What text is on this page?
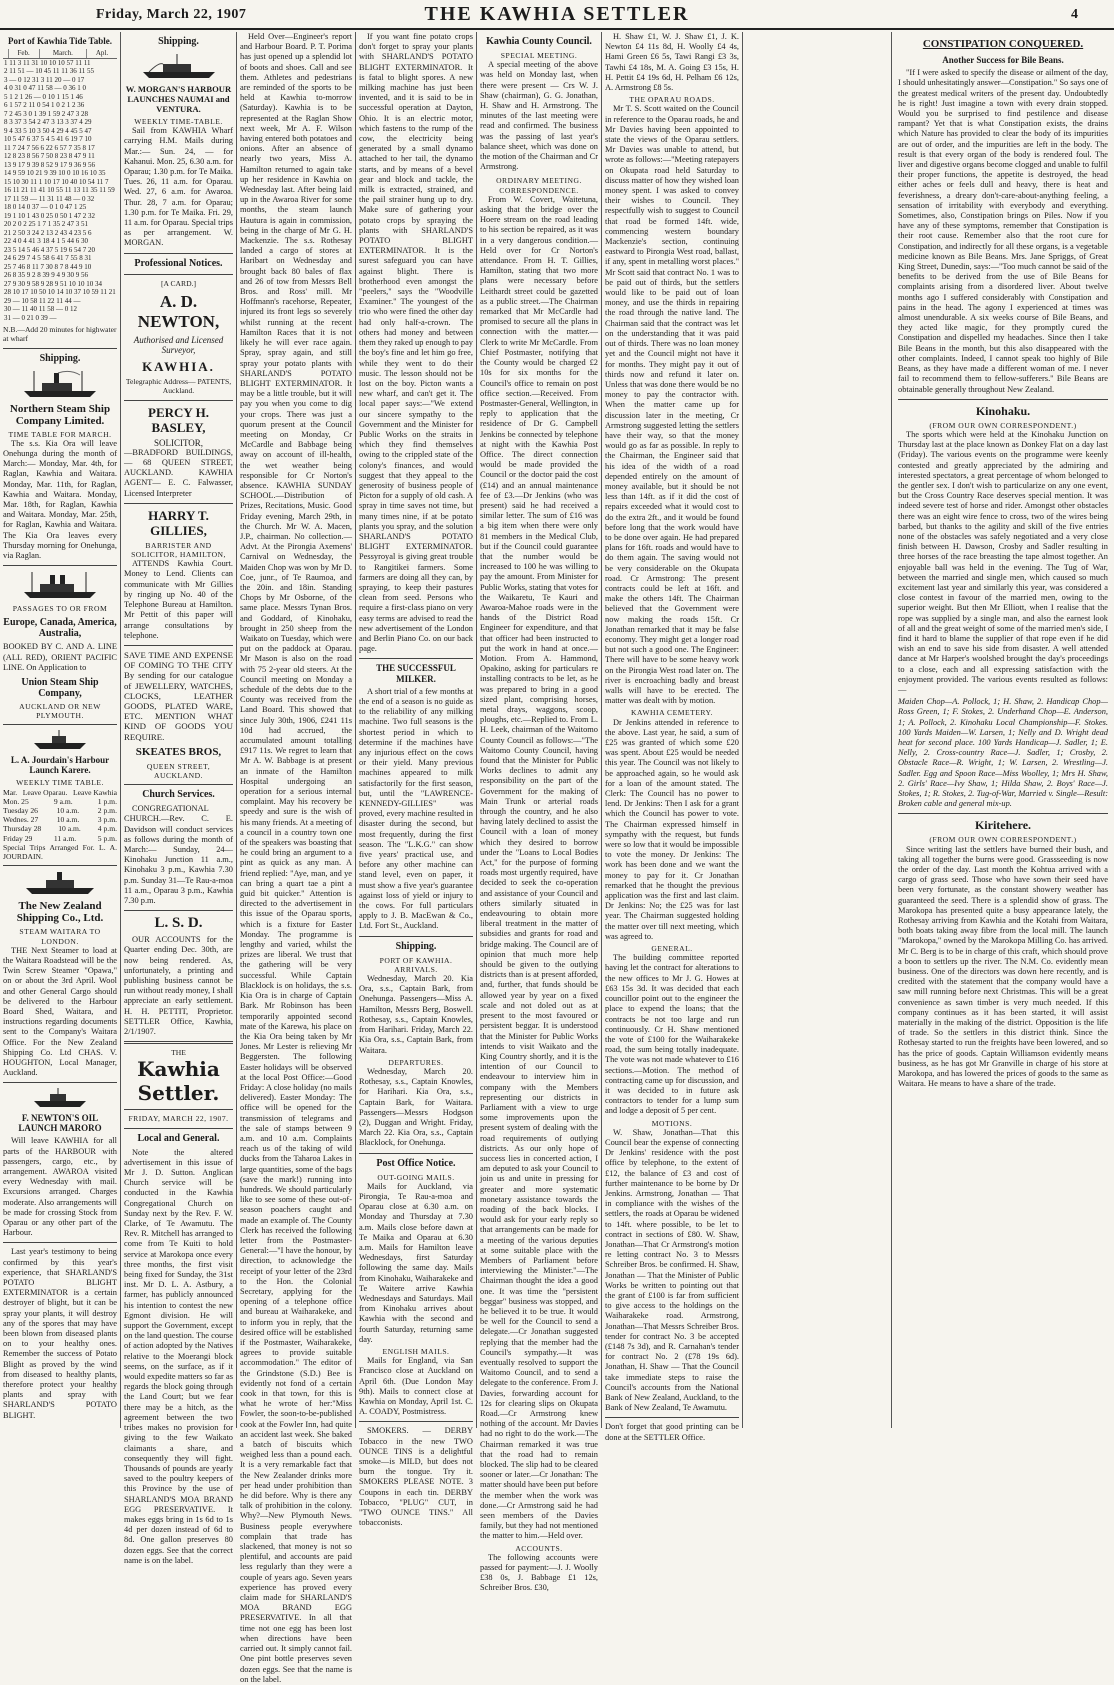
Friday, March 22, 1907	THE KAWHIA SETTLER	4
Port of Kawhia Tide Table.
	Feb.	March.	Apl.
1 11 3 11 31 10 10 10 57 11 11
2 11 51 — 10 45 11 11 36 11 55
3 — 0 12 31 3 11 20 — 0 17
4 0 31 0 47 11 58 — 0 36 1 0
5 1 2 1 26 — 0 10 1 15 1 46
6 1 57 2 11 0 54 1 0 2 1 2 36
7 2 45 3 0 1 39 1 59 2 47 3 28
8 3 37 3 54 2 47 3 13 3 37 4 29
9 4 33 5 10 3 50 4 29 4 45 5 47
10 5 47 6 37 5 4 5 41 6 19 7 10
11 7 24 7 56 6 22 6 57 7 35 8 17
12 8 23 8 56 7 50 8 23 8 47 9 11
13 9 17 9 39 8 52 9 17 9 36 9 56
14 9 59 10 21 9 39 10 0 10 16 10 35
15 10 30 11 1 10 17 10 40 10 54 11 7
16 11 21 11 41 10 55 11 13 11 35 11 59
17 11 59 — 11 31 11 48 — 0 32
18 0 14 0 37 — 0 1 0 47 1 25
19 1 10 1 43 0 25 0 50 1 47 2 32
20 2 0 2 25 1 7 1 35 2 47 3 51
21 2 50 3 24 2 13 2 43 4 23 5 6
22 4 0 4 41 3 18 4 1 5 44 6 30
23 5 14 5 46 4 37 5 19 6 54 7 20
24 6 29 7 4 5 58 6 41 7 55 8 31
25 7 46 8 11 7 30 8 7 8 44 9 10
26 8 35 9 2 8 39 9 4 9 30 9 56
27 9 30 9 58 9 28 9 51 10 10 10 34
28 10 17 10 50 10 14 10 37 10 59 11 21
29 — 10 58 11 22 11 44 —
30 — 11 40 11 58 — 0 12
31 — 0 21 0 39 —
N.B.—Add 20 minutes for highwater at wharf
Shipping.
Northern Steam Ship Company Limited.
TIME TABLE FOR MARCH.

The s.s. Kia Ora will leave Onehunga during the month of March:— Monday, Mar. 4th, for Raglan, Kawhia and Waitara. Monday, Mar. 11th, for Raglan, Kawhia and Waitara. Monday, Mar. 18th, for Raglan, Kawhia and Waitara. Monday, Mar. 25th, for Raglan, Kawhia and Waitara. The Kia Ora leaves every Thursday morning for Onehunga, via Raglan.

PASSAGES TO OR FROM
Europe, Canada, America, Australia,

BOOKED BY C. AND A. LINE (ALL RED), ORIENT PACIFIC LINE. On Application to

Union Steam Ship Company,
AUCKLAND OR NEW PLYMOUTH.
L. A. Jourdain's Harbour Launch Karere.
WEEKLY TIME TABLE.
Mar. Leave Oparau. Leave Kawhia
Mon. 25	9 a.m.	1 p.m.
Tuesday 26 10 a.m. 2 p.m.
Wednes. 27 10 a.m. 3 p.m.
Thursday 28 10 a.m. 4 p.m.
Friday 29	11 a.m.	5 p.m.

Special Trips Arranged For. L. A. JOURDAIN.

The New Zealand Shipping Co., Ltd.
STEAM WAITARA TO LONDON.

THE Next Steamer to load at the Waitara Roadstead will be the Twin Screw Steamer "Opawa," on or about the 3rd April. Wool and other General Cargo should be delivered to the Harbour Board Shed, Waitara, and instructions regarding documents sent to the Company's Waitara Office. For the New Zealand Shipping Co. Ltd CHAS. V. HOUGHTON, Local Manager, Auckland.

F. NEWTON'S OIL LAUNCH MARORO

Will leave KAWHIA for all parts of the HARBOUR with passengers, cargo, etc., by arrangement. AWAROA visited every Wednesday with mail. Excursions arranged. Charges moderate. Also arrangements will be made for crossing Stock from Oparau or any other part of the Harbour.

Last year's testimony to being confirmed by this year's experience, that SHARLAND'S POTATO BLIGHT EXTERMINATOR is a certain destroyer of blight, but it can be spray your plants, it will destroy any of the spores that may have been blown from diseased plants on to your healthy ones. Remember the success of Potato Blight as proved by the wind from diseased to healthy plants, therefore protect your healthy plants and spray with SHARLAND'S POTATO BLIGHT.

Shipping.
W. MORGAN'S HARBOUR LAUNCHES NAUMAI and VENTURA.
WEEKLY TIME-TABLE.

Sail from KAWHIA Wharf carrying H.M. Mails during Mar.:— Sun. 24, — for Kahanui. Mon. 25, 6.30 a.m. for Oparau; 1.30 p.m. for Te Maika. Tues. 26, 11 a.m. for Oparau. Wed. 27, 6 a.m. for Awaroa. Thur. 28, 7 a.m. for Oparau; 1.30 p.m. for Te Maika. Fri. 29, 11 a.m. for Oparau. Special trips as per arrangement. W. MORGAN.

Professional Notices.
[A CARD.]
A. D. NEWTON,
Authorised and Licensed Surveyor,
KAWHIA.
Telegraphic Address— PATENTS, Auckland.
PERCY H. BASLEY,
SOLICITOR,

—BRADFORD BUILDINGS,— 68 QUEEN STREET, AUCKLAND. KAWHIA AGENT— E. C. Falwasser, Licensed Interpreter

HARRY T. GILLIES,
BARRISTER AND SOLICITOR, HAMILTON,

ATTENDS Kawhia Court. Money to Lend. Clients can communicate with Mr Gillies by ringing up No. 40 of the Telephone Bureau at Hamilton. Mr Pettit of this paper will arrange consultations by telephone.

SAVE TIME AND EXPENSE OF COMING TO THE CITY By sending for our catalogue of JEWELLERY, WATCHES, CLOCKS, LEATHER GOODS, PLATED WARE, ETC. MENTION WHAT KIND OF GOODS YOU REQUIRE.

SKEATES BROS,
QUEEN STREET, AUCKLAND.
Church Services.

CONGREGATIONAL CHURCH.—Rev. C. E. Davidson will conduct services as follows during the month of March:— Sunday, 24—Kinohaku Junction 11 a.m., Kinohaku 3 p.m., Kawhia 7.30 p.m. Sunday 31—Te Rau-a-moa 11 a.m., Oparau 3 p.m., Kawhia 7.30 p.m.

L. S. D.

OUR ACCOUNTS for the Quarter ending Dec. 30th, are now being rendered. As, unfortunately, a printing and publishing business cannot be run without ready money, I shall appreciate an early settlement. H. H. PETTIT, Proprietor. SETTLER Office, Kawhia, 2/1/1907.

THE
Kawhia Settler.
FRIDAY, MARCH 22, 1907.
Local and General.

Note the altered advertisement in this issue of Mr J. D. Sutton. Anglican Church service will be conducted in the Kawhia Congregational Church on Sunday next by the Rev. F. W. Clarke, of Te Awamutu. The Rev. R. Mitchell has arranged to come from Te Kuiti to hold service at Marokopa once every three months, the first visit being fixed for Sunday, the 31st inst. Mr D. L. A. Astbury, a farmer, has publicly announced his intention to contest the new Egmont division. He will support the Government, except on the land question. The course of action adopted by the Natives relative to the Moerangi block seems, on the surface, as if it would expedite matters so far as regards the block going through the Land Court; but we fear there may be a hitch, as the agreement between the two tribes makes no provision for giving to the few Waikato claimants a share, and consequently they will fight. Thousands of pounds are yearly saved to the poultry keepers of this Province by the use of SHARLAND'S MOA BRAND EGG PRESERVATIVE. It makes eggs bring in 1s 6d to 1s 4d per dozen instead of 6d to 8d. One gallon preserves 80 dozen eggs. See that the correct name is on the label.

Held Over—Engineer's report and Harbour Board. P. T. Porima has just opened up a splendid lot of boots and shoes. Call and see them. Athletes and pedestrians are reminded of the sports to be held at Kawhia to-morrow (Saturday). Kawhia is to be represented at the Raglan Show next week, Mr A. F. Wilson having entered both potatoes and onions. After an absence of nearly two years, Miss A. Hamilton returned to again take up her residence in Kawhia on Wednesday last. After being laid up in the Awaroa River for some months, the steam launch Hautura is again in commission, being in the charge of Mr G. H. Mackenzie. The s.s. Rothesay landed a cargo of stores at Haribart on Wednesday and brought back 80 bales of flax and 26 of tow from Messrs Bell Bros. and Ross' mill. Mr Hoffmann's racehorse, Repeater, injured its front legs so severely whilst running at the recent Hamilton Races that it is not likely he will ever race again. Spray, spray again, and still spray your potato plants with SHARLAND'S POTATO BLIGHT EXTERMINATOR. It may be a little trouble, but it will pay you when you come to dig your crops. There was just a quorum present at the Council meeting on Monday, Cr McCardle and Babbage being away on account of ill-health, the wet weather being responsible for Cr Norton's absence. KAWHIA SUNDAY SCHOOL.—Distribution of Prizes, Recitations, Music. Good Friday evening, March 29th, in the Church. Mr W. A. Macen, J.P., chairman. No collection.—Advt. At the Pirongia Axemens' Carnival on Wednesday, the Maiden Chop was won by Mr D. Coe, junr., of Te Raumoa, and the 20in. and 18in. Standing Chops by Mr Osborne, of the same place. Messrs Tynan Bros. and Goddard, of Kinohaku, brought in 250 sheep from the Waikato on Tuesday, which were put on the paddock at Oparau. Mr Mason is also on the road with 75 2-year old steers. At the Council meeting on Monday a schedule of the debts due to the County was received from the Land Board. This showed that since July 30th, 1906, £241 11s 10d had accrued, the accumulated amount totalling £917 11s. We regret to learn that Mr A. W. Babbage is at present an inmate of the Hamilton Hospital undergoing an operation for a serious internal complaint. May his recovery be speedy and sure is the wish of his many friends. At a meeting of a council in a country town one of the speakers was boasting that he could bring an argument to a pint as quick as any man. A friend replied: "Aye, man, and ye can bring a quart tae a pint a guid bit quicker." Attention is directed to the advertisement in this issue of the Oparau sports, which is a fixture for Easter Monday. The programme is lengthy and varied, whilst the prizes are liberal. We trust that the gathering will be very successful. While Captain Blacklock is on holidays, the s.s. Kia Ora is in charge of Captain Bark. Mr Robinson has been temporarily appointed second mate of the Karewa, his place on the Kia Ora being taken by Mr Jones. Mr Lester is relieving Mr Beggersten. The following Easter holidays will be observed at the local Post Office:—Good Friday: A close holiday (no mails delivered). Easter Monday: The office will be opened for the transmission of telegrams and the sale of stamps between 9 a.m. and 10 a.m. Complaints reach us of the taking of wild ducks from the Taharoa Lakes in large quantities, some of the bags (save the mark!) running into hundreds. We should particularly like to see some of these out-of-season poachers caught and made an example of. The County Clerk has received the following letter from the Postmaster-General:—"I have the honour, by direction, to acknowledge the receipt of your letter of the 23rd to the Hon. the Colonial Secretary, applying for the opening of a telephone office and bureau at Waiharakeke, and to inform you in reply, that the desired office will be established if the Postmaster, Waiharakeke, agrees to provide suitable accommodation." The editor of the Grindstone (S.D.) Bee is evidently not fond of a certain cook in that town, for this is what he wrote of her:"Miss Fowler, the soon-to-be-published cook at the Fowler Inn, had quite an accident last week. She baked a batch of biscuits which weighed less than a pound each. It is a very remarkable fact that the New Zealander drinks more per head under prohibition than he did before. Why is there any talk of prohibition in the colony. Why?—New Plymouth News. Business people everywhere complain that trade has slackened, that money is not so plentiful, and accounts are paid less regularly than they were a couple of years ago. Seven years experience has proved every claim made for SHARLAND'S MOA BRAND EGG PRESERVATIVE. In all that time not one egg has been lost when directions have been carried out. It simply cannot fail. One pint bottle preserves seven dozen eggs. See that the name is on the label.

If you want fine potato crops don't forget to spray your plants with SHARLAND'S POTATO BLIGHT EXTERMINATOR. It is fatal to blight spores. A new milking machine has just been invented, and it is said to be in successful operation at Dayton, Ohio. It is an electric motor, which fastens to the rump of the cow, the electricity being generated by a small dynamo attached to her tail, the dynamo starts, and by means of a bevel gear and block and tackle, the milk is extracted, strained, and the pail strainer hung up to dry. Make sure of gathering your potato crops by spraying the plants with SHARLAND'S POTATO BLIGHT EXTERMINATOR. It is the surest safeguard you can have against blight. There is brotherhood even amongst the "peelers," says the "Woodville Examiner." The youngest of the trio who were fined the other day had only half-a-crown. The others had money and between them they raked up enough to pay the boy's fine and let him go free, while they went to do their music. The lesson should not be lost on the boy. Picton wants a new wharf, and can't get it. The local paper says:—"We extend our sincere sympathy to the Government and the Minister for Public Works on the straits in which they find themselves owing to the crippled state of the colony's finances, and would suggest that they appeal to the generosity of business people of Picton for a supply of old cash. A spray in time saves not time, but many times nine, if at be potato plants you spray, and the solution SHARLAND'S POTATO BLIGHT EXTERMINATOR. Pessyroyal is giving great trouble to Rangitikei farmers. Some farmers are doing all they can, by spraying, to keep their pastures clean from seed. Persons who require a first-class piano on very easy terms are advised to read the new advertisement of the London and Berlin Piano Co. on our back page.

THE SUCCESSFUL MILKER.

A short trial of a few months at the end of a season is no guide as to the reliability of any milking machine. Two full seasons is the shortest period in which to determine if the machines have any injurious effect on the cows or their yield. Many previous machines appeared to milk satisfactorily for the first season, but, until the "LAWRENCE-KENNEDY-GILLIES" was proved, every machine resulted in disaster during the second, but most frequently, during the first season. The "L.K.G." can show five years' practical use, and before any other machine can stand level, even on paper, it must show a five year's guarantee against loss of yield or injury to the cows. For full particulars apply to J. B. MacEwan & Co., Ltd. Fort St., Auckland.

Shipping.
PORT OF KAWHIA.
ARRIVALS.

Wednesday, March 20. Kia Ora, s.s., Captain Bark, from Onehunga. Passengers—Miss A. Hamilton, Messrs Berg, Boswell. Rothesay, s.s., Captain Knowles, from Harihari. Friday, March 22. Kia Ora, s.s., Captain Bark, from Waitara.

DEPARTURES.

Wednesday, March 20. Rothesay, s.s., Captain Knowles, for Harihari. Kia Ora, s.s., Captain Bark, for Waitara. Passengers—Messrs Hodgson (2), Duggan and Wright. Friday, March 22. Kia Ora, s.s., Captain Blacklock, for Onehunga.

Post Office Notice.
OUT-GOING MAILS.

Mails for Auckland, via Pirongia, Te Rau-a-moa and Oparau close at 6.30 a.m. on Monday and Thursday at 7.30 a.m. Mails close before dawn at Te Maika and Oparau at 6.30 a.m. Mails for Hamilton leave Wednesdays, first Saturday following the same day. Mails from Kinohaku, Waiharakeke and Te Waitere arrive Kawhia Wednesdays and Saturdays. Mail from Kinohaku arrives about Kawhia with the second and fourth Saturday, returning same day.

ENGLISH MAILS.

Mails for England, via San Francisco close at Auckland on April 6th. (Due London May 9th). Mails to connect close at Kawhia on Monday, April 1st. C. A. COADY, Postmistress.

SMOKERS. — DERBY Tobacco in the new TWO OUNCE TINS is a delightful smoke—is MILD, but does not burn the tongue. Try it. SMOKERS PLEASE NOTE. 3 Coupons in each tin. DERBY Tobacco, "PLUG" CUT, in "TWO OUNCE TINS." All tobacconists.

Kawhia County Council.
SPECIAL MEETING.

A special meeting of the above was held on Monday last, when there were present — Crs W. J. Shaw (chairman), G. G. Jonathan, H. Shaw and H. Armstrong. The minutes of the last meeting were read and confirmed. The business was the passing of last year's balance sheet, which was done on the motion of the Chairman and Cr Armstrong.

ORDINARY MEETING.
CORRESPONDENCE.

From W. Covert, Waitetuna, asking that the bridge over the Hoere stream on the road leading to his section be repaired, as it was in a very dangerous condition.—Held over for Cr Norton's attendance. From H. T. Gillies, Hamilton, stating that two more plans were necessary before Leithardt street could be gazetted as a public street.—The Chairman remarked that Mr McCardle had promised to secure all the plans in connection with the matter.—Clerk to write Mr McCardle. From Chief Postmaster, notifying that the County would be charged £2 10s for six months for the Council's office to remain on post office section.—Received. From Postmaster-General, Wellington, in reply to application that the residence of Dr G. Campbell Jenkins be connected by telephone at night with the Kawhia Post Office. The direct connection would be made provided the Council or the doctor paid the cost (£14) and an annual maintenance fee of £3.—Dr Jenkins (who was present) said he had received a similar letter. The sum of £16 was a big item when there were only 81 members in the Medical Club, but if the Council could guarantee that the number would be increased to 100 he was willing to pay the amount. From Minister for Public Works, stating that votes for the Waikaretu, Te Kauri and Awaroa-Mahoe roads were in the hands of the District Road Engineer for expenditure, and that that officer had been instructed to put the work in hand at once.—Motion. From A. Hammond, Opakino, asking for particulars re installing contracts to be let, as he was prepared to bring in a good sized plant, comprising horses, metal drays, waggons, scoop, ploughs, etc.—Replied to. From L. H. Leek, chairman of the Waitomo County Council as follows:—"The Waitomo County Council, having found that the Minister for Public Works declines to admit any responsibility on the part of the Government for the making of Main Trunk or arterial roads through the country, and he also having lately declined to assist the Council with a loan of money which they desired to borrow under the "Loans to Local Bodies Act," for the purpose of forming roads most urgently required, have decided to seek the co-operation and assistance of your Council and others similarly situated in endeavouring to obtain more liberal treatment in the matter of subsidies and grants for road and bridge making. The Council are of opinion that much more help should be given to the outlying districts than is at present afforded, and, further, that funds should be allowed year by year on a fixed scale and not doled out as at present to the most favoured or persistent beggar. It is understood that the Minister for Public Works intends to visit Waikato and the King Country shortly, and it is the intention of our Council to endeavour to interview him in company with the Members representing our districts in Parliament with a view to urge some improvements upon the present system of dealing with the road requirements of outlying districts. As our only hope of success lies in concerted action, I am deputed to ask your Council to join us and unite in pressing for greater and more systematic monetary assistance towards the roading of the back blocks. I would ask for your early reply so that arrangements can be made for a meeting of the various deputies at some suitable place with the Members of Parliament before interviewing the Minister."—The Chairman thought the idea a good one. It was time the "persistent beggar" business was stopped, and he believed it to be true. It would be well for the Council to send a delegate.—Cr Jonathan suggested replying that the member had the Council's sympathy.—It was eventually resolved to support the Waitomo Council, and to send a delegate to the conference. From J. Davies, forwarding account for 12s for clearing slips on Okupata Road.—Cr Armstrong knew nothing of the account. Mr Davies had no right to do the work.—The Chairman remarked it was true that the road had to remain blocked. The slip had to be cleared sooner or later.—Cr Jonathan: The matter should have been put before the member when the work was done.—Cr Armstrong said he had seen members of the Davies family, but they had not mentioned the matter to him.—Held over.

ACCOUNTS.

The following accounts were passed for payment:—J. J. Woolly £38 0s, J. Babbage £1 12s, Schreiber Bros. £30,

H. Shaw £1, W. J. Shaw £1, J. K. Newton £4 11s 8d, H. Woolly £4 4s, Hami Green £6 5s, Tawi Rangi £3 3s, Tawhi £4 18s, M. A. Going £3 15s, H. H. Pettit £4 19s 6d, H. Pelham £6 12s, A. Armstrong £8 5s.

THE OPARAU ROADS.

Mr T. S. Scott waited on the Council in reference to the Oparau roads, he and Mr Davies having been appointed to state the views of the Oparau settlers. Mr Davies was unable to attend, but wrote as follows:—"Meeting ratepayers on Okupata road held Saturday to discuss matter of how they wished loan money spent. I was asked to convey their wishes to Council. They respectfully wish to suggest to Council that road be formed 14ft. wide, commencing western boundary Mackenzie's section, continuing eastward to Pirongia West road, ballast, if any, spent in metalling worst places." Mr Scott said that contract No. 1 was to be paid out of thirds, but the settlers would like to be paid out of loan money, and use the thirds in repairing the road through the native land. The Chairman said that the contract was let on the understanding that it was paid out of thirds. There was no loan money yet and the Council might not have it for months. They might pay it out of thirds now and refund it later on. Unless that was done there would be no money to pay the contractor with. When the matter came up for discussion later in the meeting, Cr Armstrong suggested letting the settlers have their way, so that the money would go as far as possible. In reply to the Chairman, the Engineer said that his idea of the width of a road depended entirely on the amount of money available, but it should be not less than 14ft. as if it did the cost of repairs exceeded what it would cost to do the extra 2ft., and it would be found before long that the work would have to be done over again. He had prepared plans for 16ft. roads and would have to do them again. The saving would not be very considerable on the Okupata road. Cr Armstrong: The present contracts could be left at 16ft. and make the others 14ft. The Chairman believed that the Government were now making the roads 15ft. Cr Jonathan remarked that it may be false economy. They might get a longer road but not such a good one. The Engineer: There will have to be some heavy work on the Pirongia West road later on. The river is encroaching badly and breast walls will have to be erected. The matter was dealt with by motion.

KAWHIA CEMETERY.

Dr Jenkins attended in reference to the above. Last year, he said, a sum of £25 was granted of which some £20 was spent. About £25 would be needed this year. The Council was not likely to be approached again, so he would ask for a loan of the amount stated. The Clerk: The Council has no power to lend. Dr Jenkins: Then I ask for a grant which the Council has power to vote. The Chairman expressed himself in sympathy with the request, but funds were so low that it would be impossible to vote the money. Dr Jenkins: The work has been done and we want the money to pay for it. Cr Jonathan remarked that he thought the previous application was the first and last claim. Dr Jenkins: No; the £25 was for last year. The Chairman suggested holding the matter over till next meeting, which was agreed to.

GENERAL.

The building committee reported having let the contract for alterations to the new offices to Mr J. G. Howes at £63 15s 3d. It was decided that each councillor point out to the engineer the place to expend the loans; that the contracts be not too large and run continuously. Cr H. Shaw mentioned the vote of £100 for the Waiharakeke road, the sum being totally inadequate. The vote was not made whatever to £16 sections.—Motion. The method of contracting came up for discussion, and it was decided to in future ask contractors to tender for a lump sum and lodge a deposit of 5 per cent.

MOTIONS.

W. Shaw, Jonathan—That this Council bear the expense of connecting Dr Jenkins' residence with the post office by telephone, to the extent of £12, the balance of £3 and cost of further maintenance to be borne by Dr Jenkins. Armstrong, Jonathan — That in compliance with the wishes of the settlers, the roads at Oparau be widened to 14ft. where possible, to be let to contract in sections of £80. W. Shaw, Jonathan—That Cr Armstrong's motion re letting contract No. 3 to Messrs Schreiber Bros. be confirmed. H. Shaw, Jonathan — That the Minister of Public Works be written to pointing out that the grant of £100 is far from sufficient to give access to the holdings on the Waiharakeke road. Armstrong, Jonathan—That Messrs Schreiber Bros. tender for contract No. 3 be accepted (£148 7s 3d), and R. Carnahan's tender for contract No. 2 (£78 19s 6d). Jonathan, H. Shaw — That the Council take immediate steps to raise the Council's accounts from the National Bank of New Zealand, Auckland, to the Bank of New Zealand, Te Awamutu.

Don't forget that good printing can be done at the SETTLER Office.

CONSTIPATION CONQUERED.
Another Success for Bile Beans.

"If I were asked to specify the disease or ailment of the day, I should unhesitatingly answer—Constipation." So says one of the greatest medical writers of the present day. Undoubtedly he is right! Just imagine a town with every drain stopped. Would you be surprised to find pestilence and disease rampant? Yet that is what Constipation exists, the drains which Nature has provided to clear the body of its impurities are out of order, and the impurities are left in the body. The result is that every organ of the body is rendered foul. The liver and digestive organs become clogged and unable to fulfil their proper functions, the appetite is destroyed, the head either aches or feels dull and heavy, there is heat and feverishness, a dreary don't-care-about-anything feeling, a sensation of irritability with everybody and everything. Sometimes, also, Constipation brings on Piles. Now if you have any of these symptoms, remember that Constipation is their root cause. Remember also that the root cure for Constipation, and indirectly for all these organs, is a vegetable medicine known as Bile Beans. Mrs. Jane Spriggs, of Great King Street, Dunedin, says:—"Too much cannot be said of the benefits to be derived from the use of Bile Beans for complaints arising from a disordered liver. About twelve months ago I suffered considerably with Constipation and pains in the head. The agony I experienced at times was almost unendurable. A six weeks course of Bile Beans, and they acted like magic, for they promptly cured the Constipation and dispelled my headaches. Since then I take Bile Beans in the month, but this also disappeared with the other complaints. Indeed, I cannot speak too highly of Bile Beans, as they have made a different woman of me. I never fail to recommend them to fellow-sufferers." Bile Beans are obtainable generally throughout New Zealand.

Kinohaku.
(FROM OUR OWN CORRESPONDENT.)

The sports which were held at the Kinohaku Junction on Thursday last at the place known as Donkey Flat on a day last (Friday). The various events on the programme were keenly contested and greatly appreciated by the admiring and interested spectators, a great percentage of whom belonged to the gentler sex. I don't wish to particularize on any one event, but the Cross Country Race deserves special mention. It was indeed severe test of horse and rider. Amongst other obstacles there was an eight wire fence to cross, two of the wires being barbed, but thanks to the agility and skill of the five entries none of the obstacles was safely negotiated and a very close finish between H. Dawson, Crosby and Sadler resulting in three horses of the race breasting the tape almost together. An enjoyable ball was held in the evening. The Tug of War, between the married and single men, which caused so much excitement last year and similarly this year, was considered a close contest in favour of the married men, owing to the superior weight. But then Mr Elliott, when I realise that the rope was supplied by a single man, and also the earnest look of all and the great weight of some of the married men's side, I find it hard to blame the supplier of that rope even if he did wish an end to save his side from disaster. A well attended dance at Mr Harper's woolshed brought the day's proceedings to a close, each and all expressing satisfaction with the enjoyment provided. The various events resulted as follows:—

Maiden Chop—A. Pollock, 1; H. Shaw, 2. Handicap Chop—Ross Green, 1; F. Stokes, 2. Underhand Chop—E. Anderson, 1; A. Pollock, 2. Kinohaku Local Championship—F. Stokes. 100 Yards Maiden—W. Larsen, 1; Nelly and D. Wright dead heat for second place. 100 Yards Handicap—J. Sadler, 1; E. Nelly, 2. Cross-country Race—J. Sadler, 1; Crosby, 2. Obstacle Race—R. Wright, 1; W. Larsen, 2. Wrestling—J. Sadler. Egg and Spoon Race—Miss Woolley, 1; Mrs H. Shaw, 2. Girls' Race—Ivy Shaw, 1; Hilda Shaw, 2. Boys' Race—J. Stokes, 1; R. Stokes, 2. Tug-of-War, Married v. Single—Result: Broken cable and general mix-up.

Kiritehere.
(FROM OUR OWN CORRESPONDENT.)

Since writing last the settlers have burned their bush, and taking all together the burns were good. Grassseeding is now the order of the day. Last month the Kohtua arrived with a cargo of grass seed. Those who have sown their seed have been very fortunate, as the constant showery weather has guaranteed the seed. There is a splendid show of grass. The Marokopa has presented quite a busy appearance lately, the Rothesay arriving from Kawhia and the Kotahi from Waitara, both boats taking away fibre from the local mill. The launch "Marokopa," owned by the Marokopa Milling Co. has arrived. Mr C. Berg is to be in charge of this craft, which should prove a boon to settlers up the river. The N.M. Co. evidently mean business. One of the directors was down here recently, and is credited with the statement that the company would have a saw mill running before next Christmas. This will be a great convenience as sawn timber is very much needed. If this company continues as it has been started, it will assist materially in the making of the district. Opposition is the life of trade. So the settlers in this district think. Since the Rothesay started to run the freights have been lowered, and so has the price of goods. Captain Williamson evidently means business, as he has got Mr Granville in charge of his store at Marokopa, and has lowered the prices of goods to the same as Waitara. He means to have a share of the trade.
